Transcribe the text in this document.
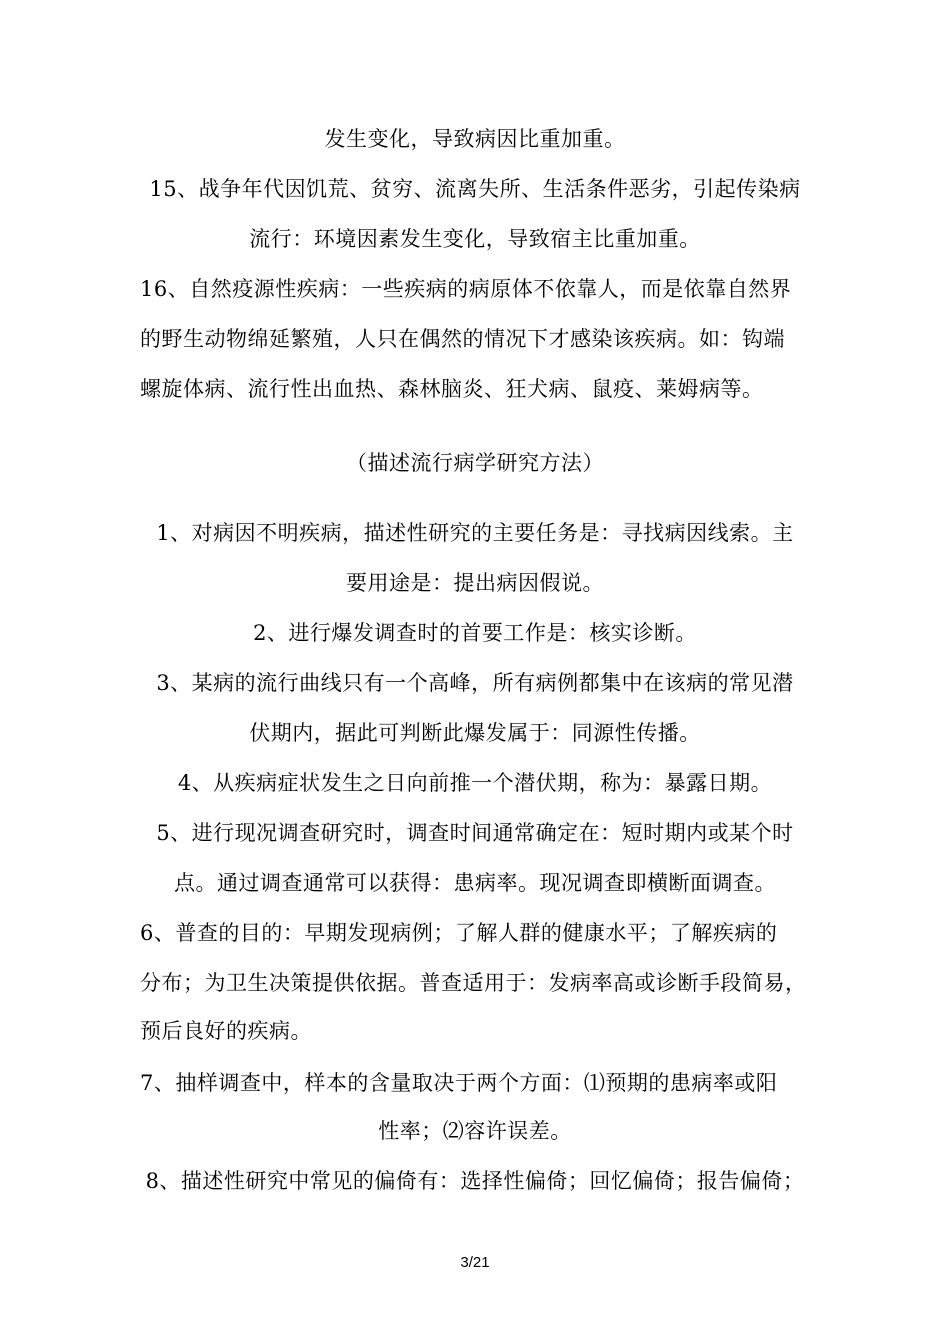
发生变化，导致病因比重加重。
15、战争年代因饥荒、贫穷、流离失所、生活条件恶劣，引起传染病
流行：环境因素发生变化，导致宿主比重加重。
16、自然疫源性疾病：一些疾病的病原体不依靠人，而是依靠自然界
的野生动物绵延繁殖，人只在偶然的情况下才感染该疾病。如：钩端
螺旋体病、流行性出血热、森林脑炎、狂犬病、鼠疫、莱姆病等。
（描述流行病学研究方法）
1、对病因不明疾病，描述性研究的主要任务是：寻找病因线索。主
要用途是：提出病因假说。
2、进行爆发调查时的首要工作是：核实诊断。
3、某病的流行曲线只有一个高峰，所有病例都集中在该病的常见潜
伏期内，据此可判断此爆发属于：同源性传播。
4、从疾病症状发生之日向前推一个潜伏期，称为：暴露日期。
5、进行现况调查研究时，调查时间通常确定在：短时期内或某个时
点。通过调查通常可以获得：患病率。现况调查即横断面调查。
6、普查的目的：早期发现病例；了解人群的健康水平；了解疾病的
分布；为卫生决策提供依据。普查适用于：发病率高或诊断手段简易，
预后良好的疾病。
7、抽样调查中，样本的含量取决于两个方面：⑴预期的患病率或阳
性率；⑵容许误差。
8、描述性研究中常见的偏倚有：选择性偏倚；回忆偏倚；报告偏倚；
3/21
